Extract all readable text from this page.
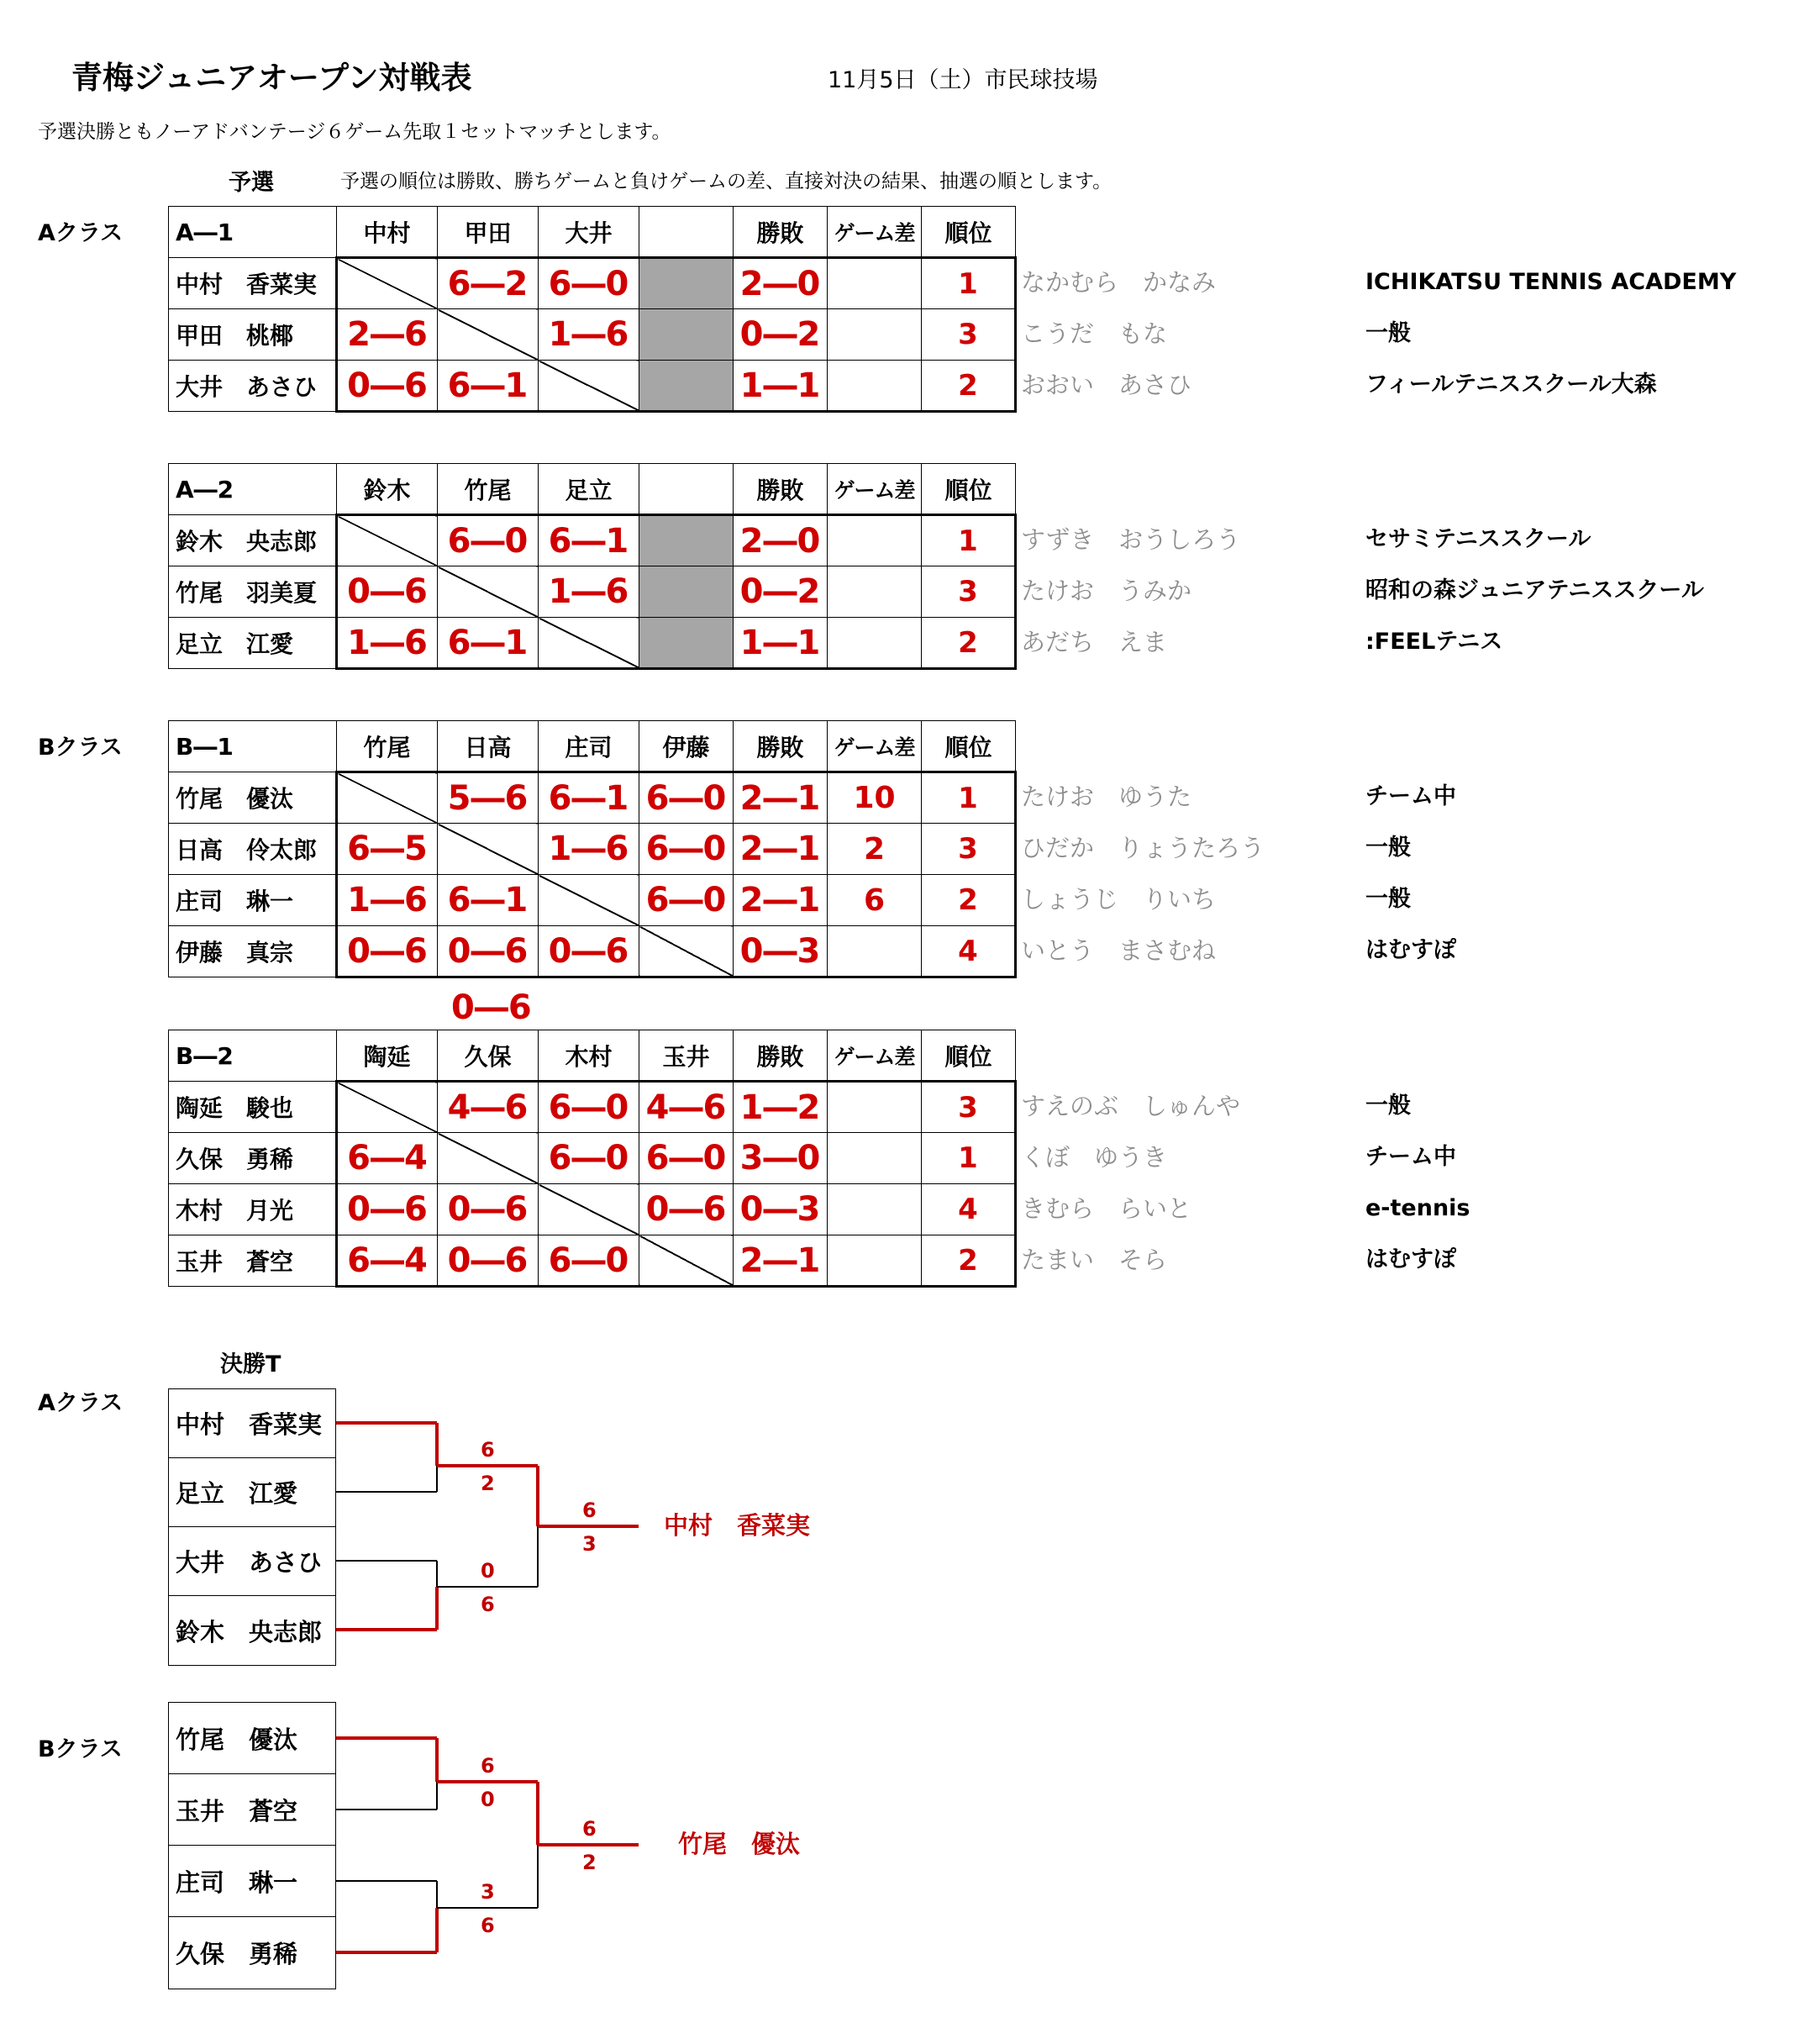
青梅ジュニアオープン対戦表	11月5日（土）市民球技場
予選決勝ともノーアドバンテージ６ゲーム先取１セットマッチとします。
予選	予選の順位は勝敗、勝ちゲームと負けゲームの差、直接対決の結果、抽選の順とします。
Aクラス
Bクラス
なかむら　かなみ	ICHIKATSU TENNIS ACADEMY
こうだ　もな	一般
おおい　あさひ	フィールテニススクール大森
A―1	中村	甲田	大井		勝敗	ゲーム差	順位
中村　香菜実		6―2	6―0		2―0		1
甲田　桃椰	2―6		1―6		0―2		3
大井　あさひ	0―6	6―1			1―1		2
すずき　おうしろう	セサミテニススクール
たけお　うみか	昭和の森ジュニアテニススクール
あだち　えま	:FEELテニス
A―2	鈴木	竹尾	足立		勝敗	ゲーム差	順位
鈴木　央志郎		6―0	6―1		2―0		1
竹尾　羽美夏	0―6		1―6		0―2		3
足立　江愛	1―6	6―1			1―1		2
たけお　ゆうた	チーム中
ひだか　りょうたろう	一般
しょうじ　りいち	一般
いとう　まさむね	はむすぽ
B―1	竹尾	日高	庄司	伊藤	勝敗	ゲーム差	順位
竹尾　優汰		5―6	6―1	6―0	2―1	10	1
日高　伶太郎	6―5		1―6	6―0	2―1	2	3
庄司　琳一	1―6	6―1		6―0	2―1	6	2
伊藤　真宗	0―6	0―6	0―6		0―3		4
すえのぶ　しゅんや	一般
くぼ　ゆうき	チーム中
きむら　らいと	e-tennis
たまい　そら	はむすぽ
B―2	陶延	久保	木村	玉井	勝敗	ゲーム差	順位
陶延　駿也		4―6	6―0	4―6	1―2		3
久保　勇稀	6―4		6―0	6―0	3―0		1
木村　月光	0―6	0―6		0―6	0―3		4
玉井　蒼空	6―4	0―6	6―0		2―1		2
0―6
決勝T
Aクラス
Bクラス
中村　香菜実
足立　江愛
大井　あさひ
鈴木　央志郎
6
2
0
6
6
3
中村　香菜実
竹尾　優汰
玉井　蒼空
庄司　琳一
久保　勇稀
6
0
3
6
6
2
竹尾　優汰
